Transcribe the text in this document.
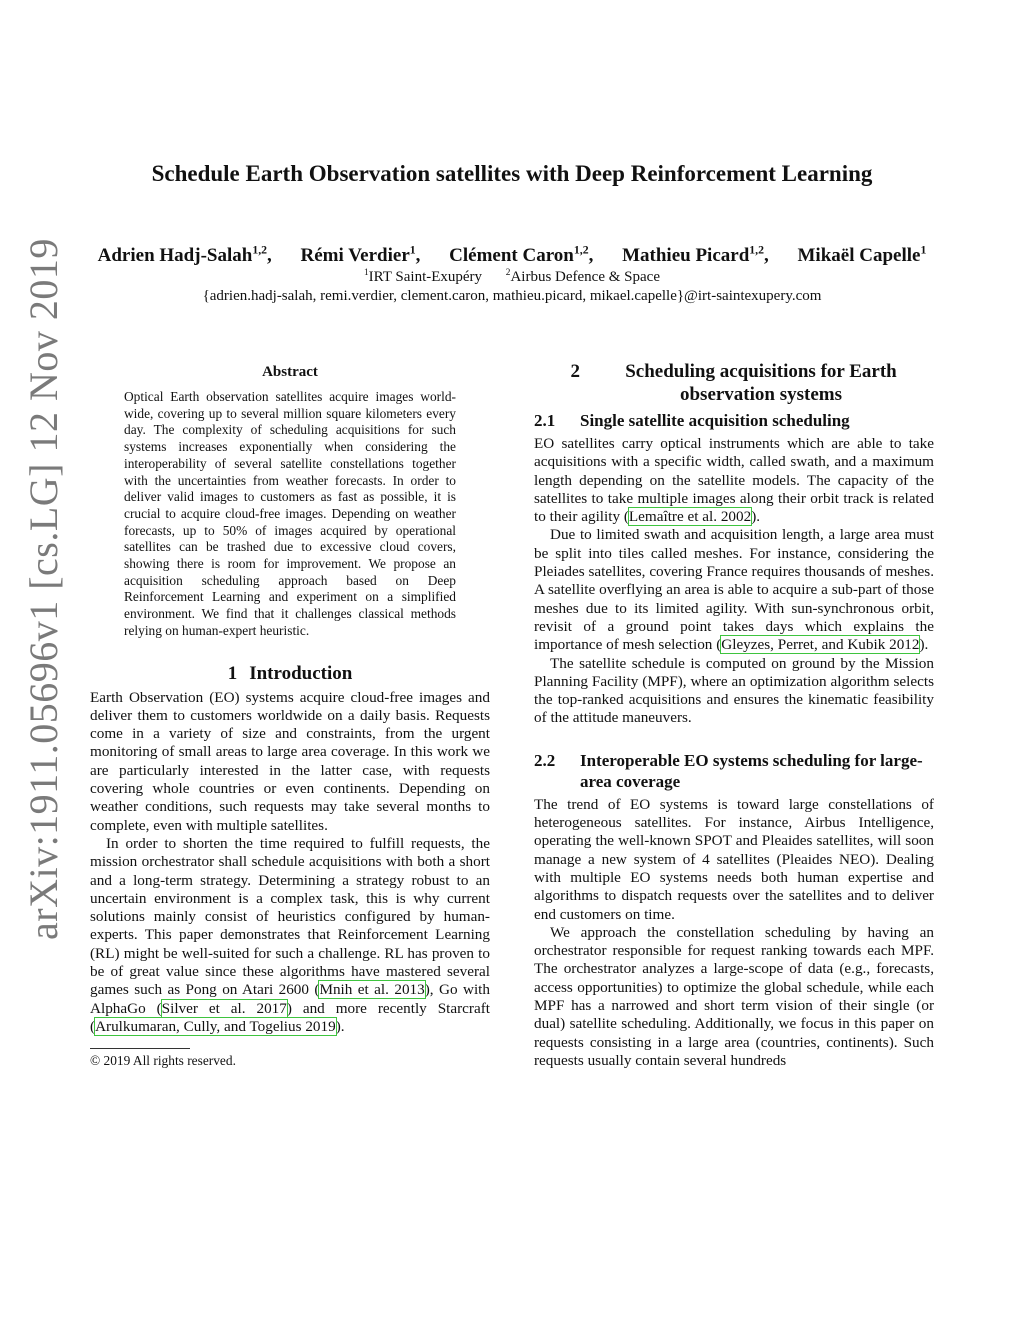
arXiv:1911.05696v1 [cs.LG] 12 Nov 2019
Schedule Earth Observation satellites with Deep Reinforcement Learning
Adrien Hadj-Salah$^{1,2}$, Rémi Verdier$^1$, Clément Caron$^{1,2}$, Mathieu Picard$^{1,2}$, Mikaël Capelle$^1$
$^1$IRT Saint-Exupéry	$^2$Airbus Defence & Space
{adrien.hadj-salah, remi.verdier, clement.caron, mathieu.picard, mikael.capelle}@irt-saintexupery.com
Abstract
Optical Earth observation satellites acquire images world-wide, covering up to several million square kilometers every day. The complexity of scheduling acquisitions for such systems increases exponentially when considering the interoperability of several satellite constellations together with the uncertainties from weather forecasts. In order to deliver valid images to customers as fast as possible, it is crucial to acquire cloud-free images. Depending on weather forecasts, up to 50% of images acquired by operational satellites can be trashed due to excessive cloud covers, showing there is room for improvement. We propose an acquisition scheduling approach based on Deep Reinforcement Learning and experiment on a simplified environment. We find that it challenges classical methods relying on human-expert heuristic.
1 Introduction

Earth Observation (EO) systems acquire cloud-free images and deliver them to customers worldwide on a daily basis. Requests come in a variety of size and constraints, from the urgent monitoring of small areas to large area coverage. In this work we are particularly interested in the latter case, with requests covering whole countries or even continents. Depending on weather conditions, such requests may take several months to complete, even with multiple satellites.

In order to shorten the time required to fulfill requests, the mission orchestrator shall schedule acquisitions with both a short and a long-term strategy. Determining a strategy robust to an uncertain environment is a complex task, this is why current solutions mainly consist of heuristics configured by human-experts. This paper demonstrates that Reinforcement Learning (RL) might be well-suited for such a challenge. RL has proven to be of great value since these algorithms have mastered several games such as Pong on Atari 2600 (Mnih et al. 2013), Go with AlphaGo (Silver et al. 2017) and more recently Starcraft (Arulkumaran, Cully, and Togelius 2019).

© 2019 All rights reserved.
2	Scheduling acquisitions for Earth observation systems
2.1	Single satellite acquisition scheduling

EO satellites carry optical instruments which are able to take acquisitions with a specific width, called swath, and a maximum length depending on the satellite models. The capacity of the satellites to take multiple images along their orbit track is related to their agility (Lemaître et al. 2002).

Due to limited swath and acquisition length, a large area must be split into tiles called meshes. For instance, considering the Pleiades satellites, covering France requires thousands of meshes. A satellite overflying an area is able to acquire a sub-part of those meshes due to its limited agility. With sun-synchronous orbit, revisit of a ground point takes days which explains the importance of mesh selection (Gleyzes, Perret, and Kubik 2012).

The satellite schedule is computed on ground by the Mission Planning Facility (MPF), where an optimization algorithm selects the top-ranked acquisitions and ensures the kinematic feasibility of the attitude maneuvers.

2.2	Interoperable EO systems scheduling for large-area coverage

The trend of EO systems is toward large constellations of heterogeneous satellites. For instance, Airbus Intelligence, operating the well-known SPOT and Pleaides satellites, will soon manage a new system of 4 satellites (Pleaides NEO). Dealing with multiple EO systems needs both human expertise and algorithms to dispatch requests over the satellites and to deliver end customers on time.

We approach the constellation scheduling by having an orchestrator responsible for request ranking towards each MPF. The orchestrator analyzes a large-scope of data (e.g., forecasts, access opportunities) to optimize the global schedule, while each MPF has a narrowed and short term vision of their single (or dual) satellite scheduling. Additionally, we focus in this paper on requests consisting in a large area (countries, continents). Such requests usually contain several hundreds
